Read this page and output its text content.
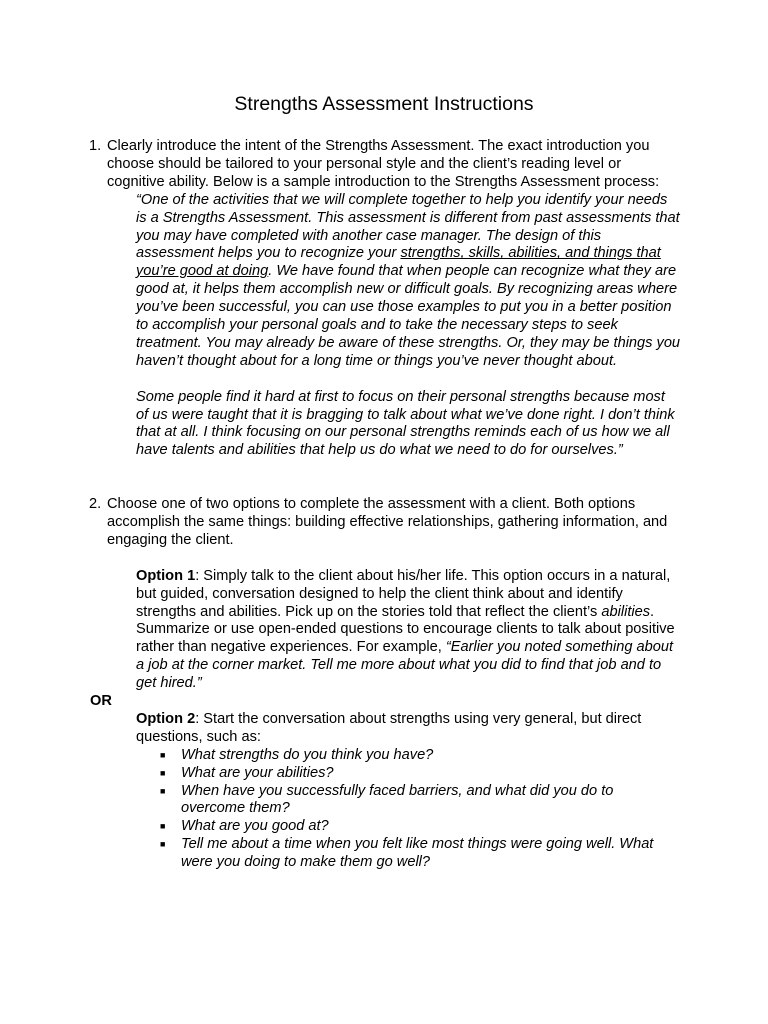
Strengths Assessment Instructions
1. Clearly introduce the intent of the Strengths Assessment. The exact introduction you choose should be tailored to your personal style and the client’s reading level or cognitive ability. Below is a sample introduction to the Strengths Assessment process:

“One of the activities that we will complete together to help you identify your needs is a Strengths Assessment. This assessment is different from past assessments that you may have completed with another case manager. The design of this assessment helps you to recognize your strengths, skills, abilities, and things that you’re good at doing. We have found that when people can recognize what they are good at, it helps them accomplish new or difficult goals. By recognizing areas where you’ve been successful, you can use those examples to put you in a better position to accomplish your personal goals and to take the necessary steps to seek treatment. You may already be aware of these strengths. Or, they may be things you haven’t thought about for a long time or things you’ve never thought about.

Some people find it hard at first to focus on their personal strengths because most of us were taught that it is bragging to talk about what we’ve done right. I don’t think that at all. I think focusing on our personal strengths reminds each of us how we all have talents and abilities that help us do what we need to do for ourselves.”

2. Choose one of two options to complete the assessment with a client. Both options accomplish the same things: building effective relationships, gathering information, and engaging the client.

Option 1: Simply talk to the client about his/her life. This option occurs in a natural, but guided, conversation designed to help the client think about and identify strengths and abilities. Pick up on the stories told that reflect the client’s abilities. Summarize or use open-ended questions to encourage clients to talk about positive rather than negative experiences. For example, “Earlier you noted something about a job at the corner market. Tell me more about what you did to find that job and to get hired.”

OR

Option 2: Start the conversation about strengths using very general, but direct questions, such as:

■ What strengths do you think you have?
■ What are your abilities?
■ When have you successfully faced barriers, and what did you do to overcome them?
■ What are you good at?
■ Tell me about a time when you felt like most things were going well. What were you doing to make them go well?
